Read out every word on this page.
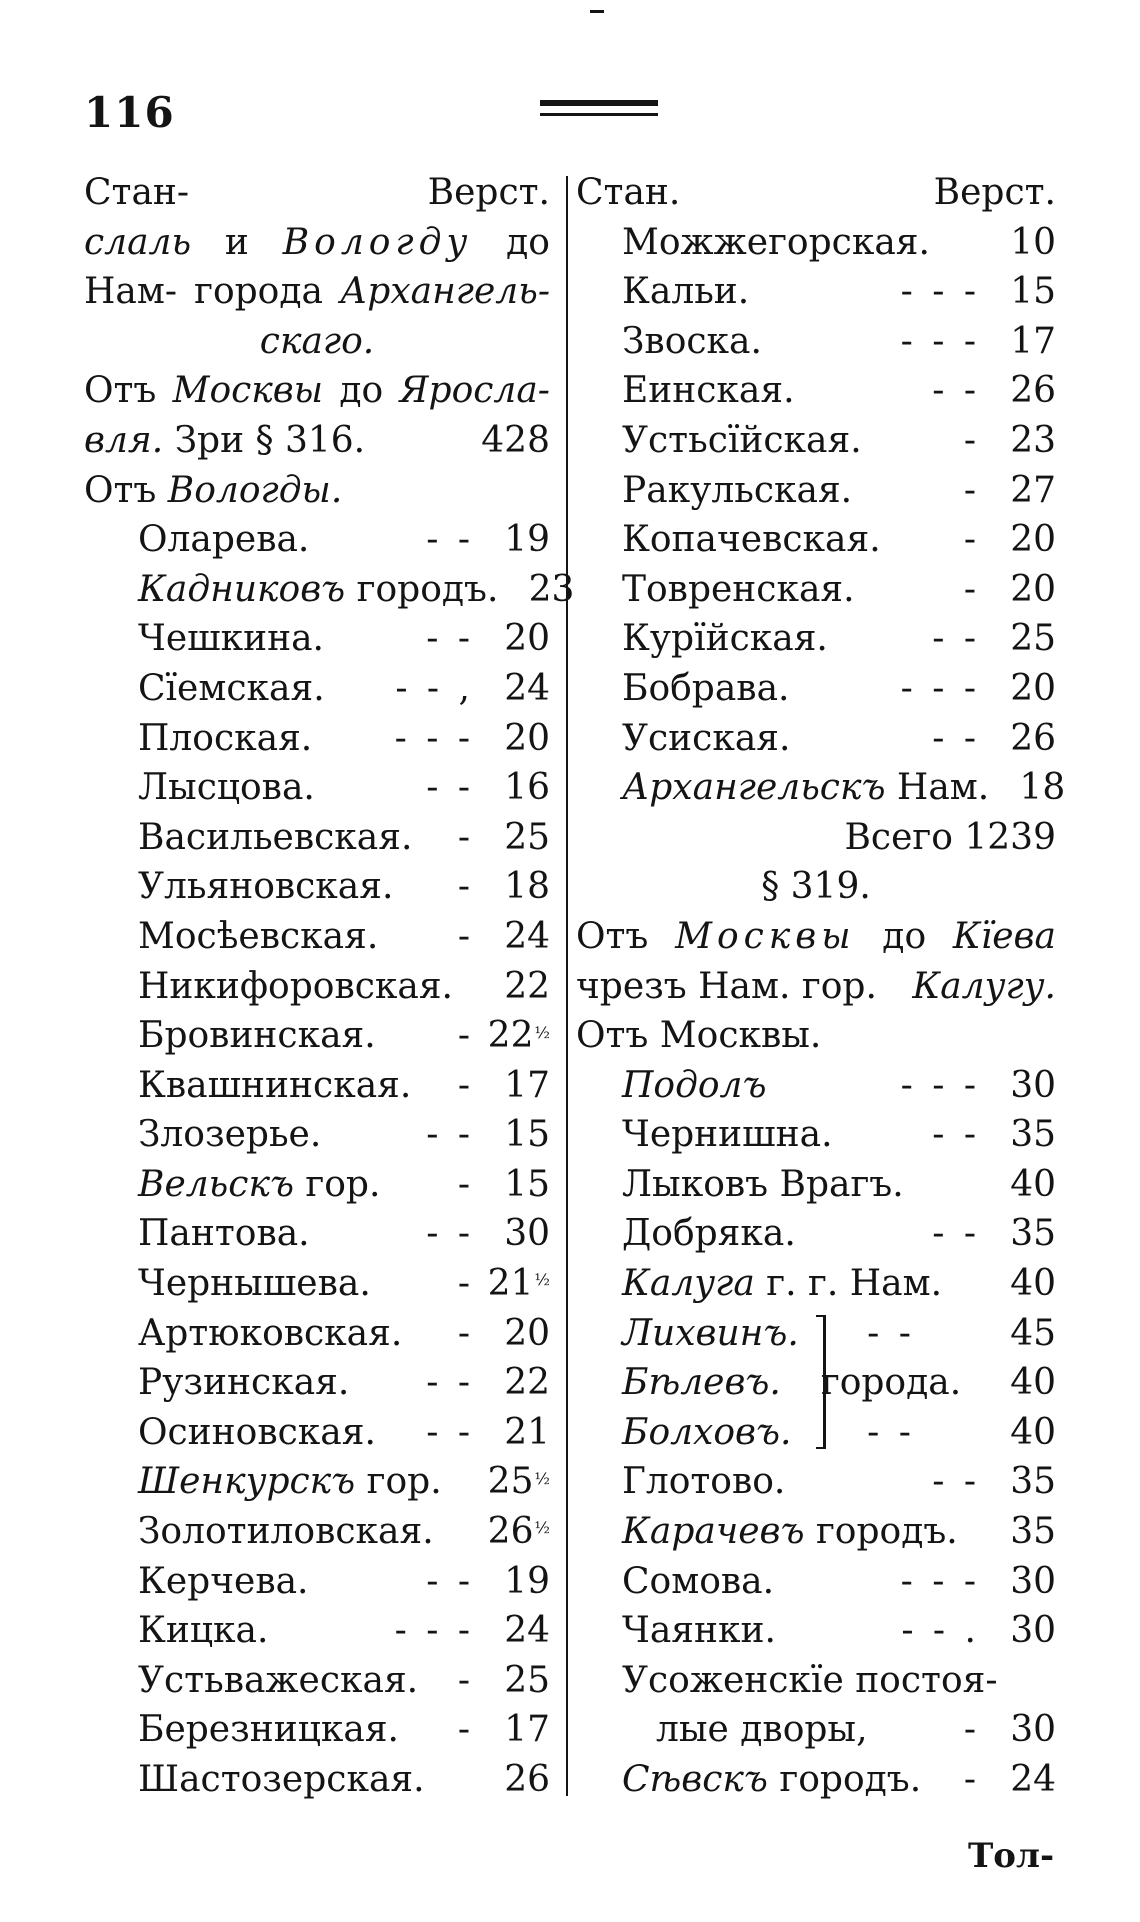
116
Стан-	Верст.
слаль и Вологду до
Нам- города Архангель-
скаго.
Отъ Москвы до Яросла-
вля. Зри § 316.	428
Отъ Вологды.
Оларева.	- - 19
Кадниковъ городъ. 23
Чешкина.	- - 20
Сїемская.	- - , 24
Плоская.	- - - 20
Лысцова.	- - 16
Васильевская.	- 25
Ульяновская.	- 18
Мосѣевская.	- 24
Никифоровская.	22
Бровинская.	- 22½
Квашнинская.	- 17
Злозерье.	- - 15
Вельскъ гор.	- 15
Пантова.	- - 30
Чернышева.	- 21½
Артюковская.	- 20
Рузинская.	- - 22
Осиновская.	- - 21
Шенкурскъ гор. 25½
Золотиловская. 26½
Керчева.	- - 19
Кицка.	- - - 24
Устьважеская.	- 25
Березницкая.	- 17
Шастозерская.	26
Стан.	Верст.
Можжегорская.	10
Кальи.	- - - 15
Звоска.	- - - 17
Еинская.	- - 26
Устьсїйская.	- 23
Ракульская.	- 27
Копачевская.	- 20
Товренская.	- 20
Курїйская.	- - 25
Бобрава.	- - - 20
Усиская.	- - 26
Архангельскъ Нам. 18
Всего 1239
§ 319.
Отъ Москвы до Кїева
чрезъ Нам. гор. Калугу.
Отъ Москвы.
Подолъ	- - - 30
Чернишна.	- - 35
Лыковъ Врагъ.	40
Добряка.	- - 35
Калуга г. г. Нам.	40
Лихвинъ.	- -	45
Бѣлевъ.	города.	40
Болховъ.	- -	40
Глотово.	- - 35
Карачевъ городъ.	35
Сомова.	- - - 30
Чаянки.	- - . 30
Усоженскїе постоя-
лые дворы,	- 30
Сѣвскъ городъ.	- 24
Тол-
